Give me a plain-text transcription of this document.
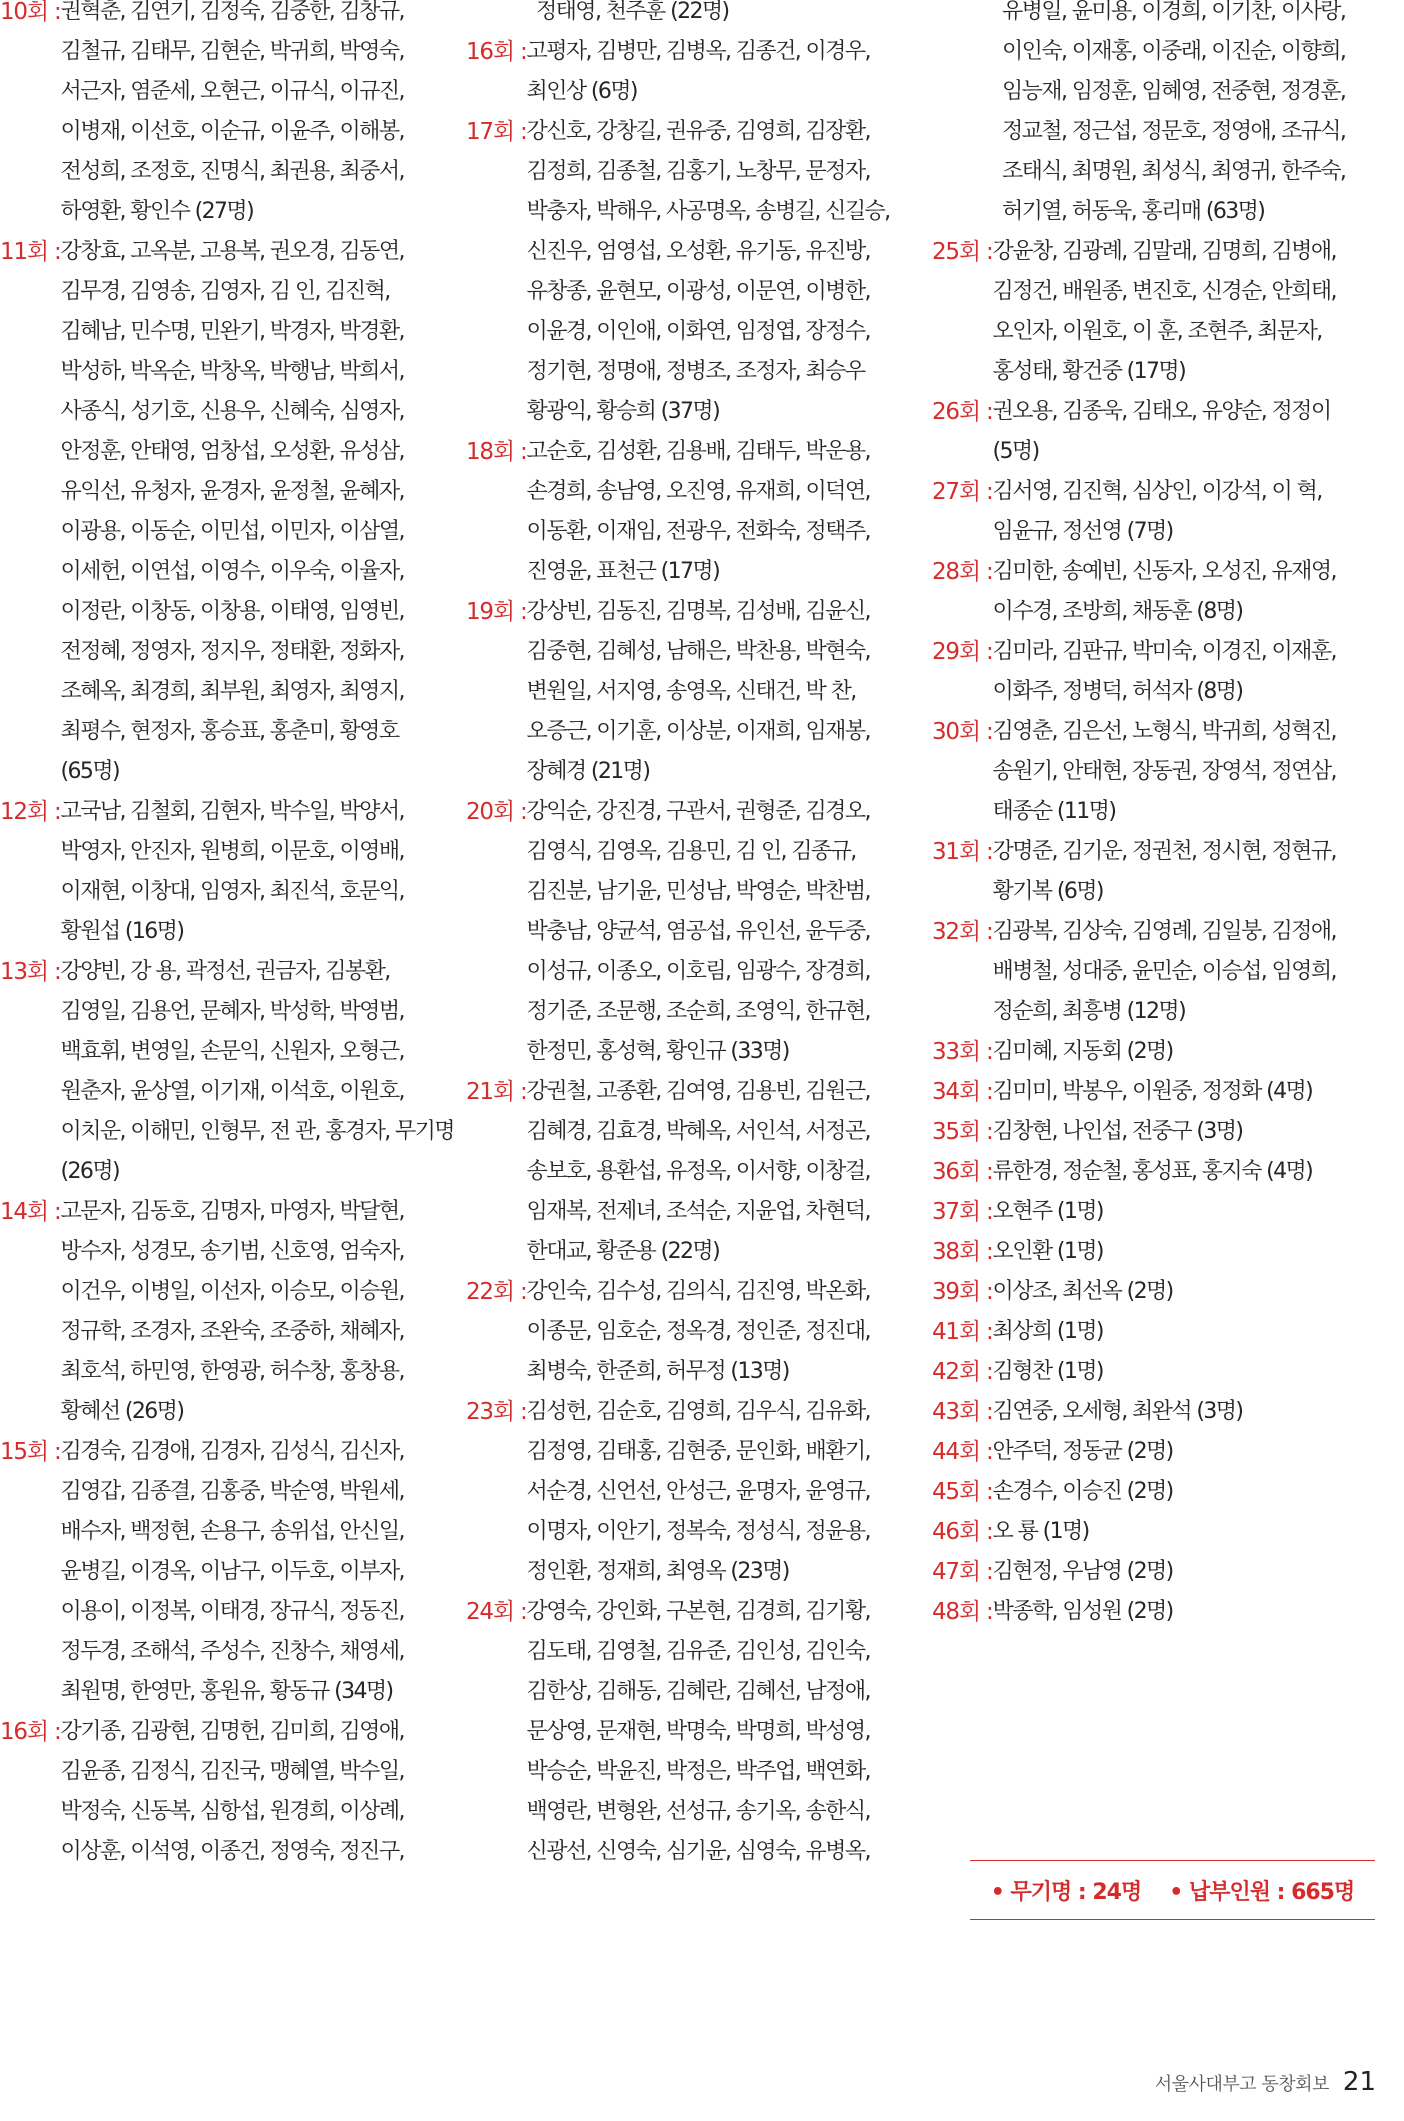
10회 : 권혁춘, 김연기, 김정숙, 김중한, 김창규, 김철규, 김태무, 김현순, 박귀희, 박영숙, 서근자, 염준세, 오현근, 이규식, 이규진, 이병재, 이선호, 이순규, 이윤주, 이해봉, 전성희, 조정호, 진명식, 최권용, 최중서, 하영환, 황인수 (27명)
11회 : 강창효, 고옥분, 고용복, 권오경, 김동연, 김무경, 김영송, 김영자, 김 인, 김진혁, 김혜남, 민수명, 민완기, 박경자, 박경환, 박성하, 박옥순, 박창옥, 박행남, 박희서, 사종식, 성기호, 신용우, 신혜숙, 심영자, 안정훈, 안태영, 엄창섭, 오성환, 유성삼, 유익선, 유청자, 윤경자, 윤정철, 윤혜자, 이광용, 이동순, 이민섭, 이민자, 이삼열, 이세헌, 이연섭, 이영수, 이우숙, 이율자, 이정란, 이창동, 이창용, 이태영, 임영빈, 전정혜, 정영자, 정지우, 정태환, 정화자, 조혜옥, 최경희, 최부원, 최영자, 최영지, 최평수, 현정자, 홍승표, 홍춘미, 황영호 (65명)
12회 : 고국남, 김철회, 김현자, 박수일, 박양서, 박영자, 안진자, 원병희, 이문호, 이영배, 이재현, 이창대, 임영자, 최진석, 호문익, 황원섭 (16명)
13회 : 강양빈, 강 용, 곽정선, 권금자, 김봉환, 김영일, 김용언, 문혜자, 박성학, 박영범, 백효휘, 변영일, 손문익, 신원자, 오형근, 원춘자, 윤상열, 이기재, 이석호, 이원호, 이치운, 이해민, 인형무, 전 관, 홍경자, 무기명 (26명)
14회 : 고문자, 김동호, 김명자, 마영자, 박달현, 방수자, 성경모, 송기범, 신호영, 엄숙자, 이건우, 이병일, 이선자, 이승모, 이승원, 정규학, 조경자, 조완숙, 조중하, 채혜자, 최호석, 하민영, 한영광, 허수창, 홍창용, 황혜선 (26명)
15회 : 김경숙, 김경애, 김경자, 김성식, 김신자, 김영갑, 김종결, 김홍중, 박순영, 박원세, 배수자, 백정현, 손용구, 송위섭, 안신일, 윤병길, 이경옥, 이남구, 이두호, 이부자, 이용이, 이정복, 이태경, 장규식, 정동진, 정두경, 조해석, 주성수, 진창수, 채영세, 최원명, 한영만, 홍원유, 황동규 (34명)
16회 : 강기종, 김광현, 김명헌, 김미희, 김영애, 김윤종, 김정식, 김진국, 맹혜열, 박수일, 박정숙, 신동복, 심항섭, 원경희, 이상례, 이상훈, 이석영, 이종건, 정영숙, 정진구,
정태영, 천주훈 (22명)
16회 : 고평자, 김병만, 김병옥, 김종건, 이경우, 최인상 (6명)
17회 : 강신호, 강창길, 권유중, 김영희, 김장환, 김정희, 김종철, 김홍기, 노창무, 문정자, 박충자, 박해우, 사공명옥, 송병길, 신길승, 신진우, 엄영섭, 오성환, 유기동, 유진방, 유창종, 윤현모, 이광성, 이문연, 이병한, 이윤경, 이인애, 이화연, 임정엽, 장정수, 정기현, 정명애, 정병조, 조정자, 최승우 황광익, 황승희 (37명)
18회 : 고순호, 김성환, 김용배, 김태두, 박운용, 손경희, 송남영, 오진영, 유재희, 이덕연, 이동환, 이재임, 전광우, 전화숙, 정택주, 진영윤, 표천근 (17명)
19회 : 강상빈, 김동진, 김명복, 김성배, 김윤신, 김중현, 김혜성, 남해은, 박찬용, 박현숙, 변원일, 서지영, 송영옥, 신태건, 박 찬, 오증근, 이기훈, 이상분, 이재희, 임재봉, 장혜경 (21명)
20회 : 강익순, 강진경, 구관서, 권형준, 김경오, 김영식, 김영옥, 김용민, 김 인, 김종규, 김진분, 남기윤, 민성남, 박영순, 박찬범, 박충남, 양균석, 염공섭, 유인선, 윤두중, 이성규, 이종오, 이호림, 임광수, 장경희, 정기준, 조문행, 조순희, 조영익, 한규현, 한정민, 홍성혁, 황인규 (33명)
21회 : 강권철, 고종환, 김여영, 김용빈, 김원근, 김혜경, 김효경, 박혜옥, 서인석, 서정곤, 송보호, 용환섭, 유정옥, 이서향, 이창걸, 임재복, 전제녀, 조석순, 지윤업, 차현덕, 한대교, 황준용 (22명)
22회 : 강인숙, 김수성, 김의식, 김진영, 박온화, 이종문, 임호순, 정옥경, 정인준, 정진대, 최병숙, 한준희, 허무정 (13명)
23회 : 김성헌, 김순호, 김영희, 김우식, 김유화, 김정영, 김태홍, 김현중, 문인화, 배환기, 서순경, 신언선, 안성근, 윤명자, 윤영규, 이명자, 이안기, 정복숙, 정성식, 정윤용, 정인환, 정재희, 최영옥 (23명)
24회 : 강영숙, 강인화, 구본현, 김경희, 김기황, 김도태, 김영철, 김유준, 김인성, 김인숙, 김한상, 김해동, 김혜란, 김혜선, 남정애, 문상영, 문재현, 박명숙, 박명희, 박성영, 박승순, 박윤진, 박정은, 박주업, 백연화, 백영란, 변형완, 선성규, 송기옥, 송한식, 신광선, 신영숙, 심기윤, 심영숙, 유병옥,
유병일, 윤미용, 이경희, 이기찬, 이사랑, 이인숙, 이재홍, 이중래, 이진순, 이향희, 임능재, 임정훈, 임혜영, 전중현, 정경훈, 정교철, 정근섭, 정문호, 정영애, 조규식, 조태식, 최명원, 최성식, 최영귀, 한주숙, 허기열, 허동욱, 홍리매 (63명)
25회 : 강윤창, 김광례, 김말래, 김명희, 김병애, 김정건, 배원종, 변진호, 신경순, 안희태, 오인자, 이원호, 이 훈, 조현주, 최문자, 홍성태, 황건중 (17명)
26회 : 권오용, 김종욱, 김태오, 유양순, 정정이 (5명)
27회 : 김서영, 김진혁, 심상인, 이강석, 이 혁, 임윤규, 정선영 (7명)
28회 : 김미한, 송예빈, 신동자, 오성진, 유재영, 이수경, 조방희, 채동훈 (8명)
29회 : 김미라, 김판규, 박미숙, 이경진, 이재훈, 이화주, 정병덕, 허석자 (8명)
30회 : 김영춘, 김은선, 노형식, 박귀희, 성혁진, 송원기, 안태현, 장동권, 장영석, 정연삼, 태종순 (11명)
31회 : 강명준, 김기운, 정권천, 정시현, 정현규, 황기복 (6명)
32회 : 김광복, 김상숙, 김영례, 김일붕, 김정애, 배병철, 성대중, 윤민순, 이승섭, 임영희, 정순희, 최흥병 (12명)
33회 : 김미혜, 지동회 (2명)
34회 : 김미미, 박봉우, 이원중, 정정화 (4명)
35회 : 김창현, 나인섭, 전중구 (3명)
36회 : 류한경, 정순철, 홍성표, 홍지숙 (4명)
37회 : 오현주 (1명)
38회 : 오인환 (1명)
39회 : 이상조, 최선옥 (2명)
41회 : 최상희 (1명)
42회 : 김형찬 (1명)
43회 : 김연중, 오세형, 최완석 (3명)
44회 : 안주덕, 정동균 (2명)
45회 : 손경수, 이승진 (2명)
46회 : 오 룡 (1명)
47회 : 김현정, 우남영 (2명)
48회 : 박종학, 임성원 (2명)
• 무기명 : 24명 • 납부인원 : 665명
서울사대부고 동창회보 21
